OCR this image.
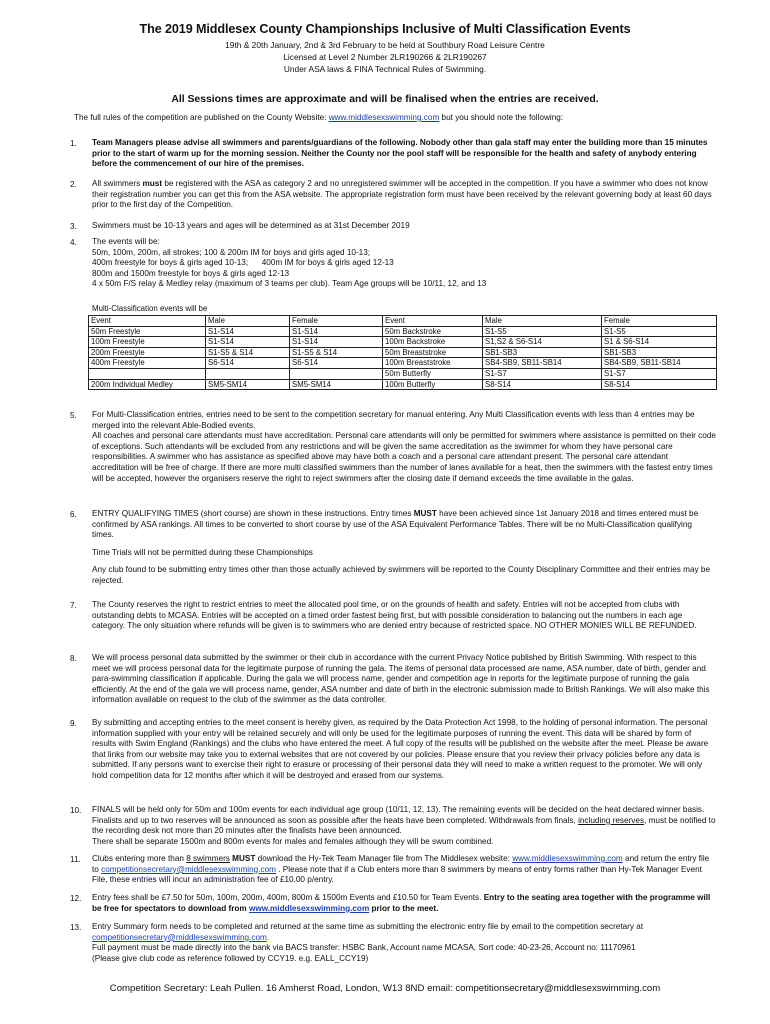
The 2019 Middlesex County Championships Inclusive of Multi Classification Events
19th & 20th January, 2nd & 3rd February to be held at Southbury Road Leisure Centre
Licensed at Level 2 Number 2LR190266 & 2LR190267
Under ASA laws & FINA Technical Rules of Swimming.
All Sessions times are approximate and will be finalised when the entries are received.
The full rules of the competition are published on the County Website: www.middlesexswimming.com but you should note the following:
1. Team Managers please advise all swimmers and parents/guardians of the following. Nobody other than gala staff may enter the building more than 15 minutes prior to the start of warm up for the morning session. Neither the County nor the pool staff will be responsible for the health and safety of anybody entering before the commencement of our hire of the premises.

2. All swimmers must be registered with the ASA as category 2 and no unregistered swimmer will be accepted in the competition. If you have a swimmer who does not know their registration number you can get this from the ASA website. The appropriate registration form must have been received by the relevant governing body at least 60 days prior to the first day of the Competition.

3. Swimmers must be 10-13 years and ages will be determined as at 31st December 2019

4. The events will be:

50m, 100m, 200m, all strokes; 100 & 200m IM for boys and girls aged 10-13;

400m freestyle for boys & girls aged 10-13;      400m IM for boys & girls aged 12-13

800m and 1500m freestyle for boys & girls aged 12-13

4 x 50m F/S relay & Medley relay (maximum of 3 teams per club). Team Age groups will be 10/11, 12, and 13

Multi-Classification events will be
Event	Male	Female	Event	Male	Female
50m Freestyle	S1-S14	S1-S14	50m Backstroke	S1-S5	S1-S5
100m Freestyle	S1-S14	S1-S14	100m Backstroke	S1,S2 & S6-S14	S1 & S6-S14
200m Freestyle	S1-S5 & S14	S1-S5 & S14	50m Breaststroke	SB1-SB3	SB1-SB3
400m Freestyle	S6-S14	S6-S14	100m Breaststroke	SB4-SB9, SB11-SB14	SB4-SB9, SB11-SB14
			50m Butterfly	S1-S7	S1-S7
200m Individual Medley	SM5-SM14	SM5-SM14	100m Butterfly	S8-S14	S8-S14
5. For Multi-Classification entries, entries need to be sent to the competition secretary for manual entering. Any Multi Classification events with less than 4 entries may be merged into the relevant Able-Bodied events.

All coaches and personal care attendants must have accreditation. Personal care attendants will only be permitted for swimmers where assistance is permitted on their code of exceptions. Such attendants will be excluded from any restrictions and will be given the same accreditation as the swimmer for whom they have personal care responsibilities. A swimmer who has assistance as specified above may have both a coach and a personal care attendant present. The personal care attendant accreditation will be free of charge. If there are more multi classified swimmers than the number of lanes available for a heat, then the swimmers with the fastest entry times will be accepted, however the organisers reserve the right to reject swimmers after the closing date if demand exceeds the time available in the galas.

6. ENTRY QUALIFYING TIMES (short course) are shown in these instructions. Entry times MUST have been achieved since 1st January 2018 and times entered must be confirmed by ASA rankings. All times to be converted to short course by use of the ASA Equivalent Performance Tables. There will be no Multi-Classification qualifying times.

Time Trials will not be permitted during these Championships

Any club found to be submitting entry times other than those actually achieved by swimmers will be reported to the County Disciplinary Committee and their entries may be rejected.

7. The County reserves the right to restrict entries to meet the allocated pool time, or on the grounds of health and safety. Entries will not be accepted from clubs with outstanding debts to MCASA. Entries will be accepted on a timed order fastest being first, but with possible consideration to balancing out the numbers in each age category. The only situation where refunds will be given is to swimmers who are denied entry because of restricted space. NO OTHER MONIES WILL BE REFUNDED.

8. We will process personal data submitted by the swimmer or their club in accordance with the current Privacy Notice published by British Swimming. With respect to this meet we will process personal data for the legitimate purpose of running the gala. The items of personal data processed are name, ASA number, date of birth, gender and para-swimming classification if applicable. During the gala we will process name, gender and competition age in reports for the legitimate purpose of running the gala efficiently. At the end of the gala we will process name, gender, ASA number and date of birth in the electronic submission made to British Rankings. We will also make this information available on request to the club of the swimmer as the data controller.

9. By submitting and accepting entries to the meet consent is hereby given, as required by the Data Protection Act 1998, to the holding of personal information. The personal information supplied with your entry will be retained securely and will only be used for the legitimate purposes of running the event. This data will be shared by form of results with Swim England (Rankings) and the clubs who have entered the meet. A full copy of the results will be published on the website after the meet. Please be aware that links from our website may take you to external websites that are not covered by our policies. Please ensure that you review their privacy policies before any data is submitted. If any persons want to exercise their right to erasure or processing of their personal data they will need to make a written request to the promoter. We will only hold competition data for 12 months after which it will be destroyed and erased from our systems.

10. FINALS will be held only for 50m and 100m events for each individual age group (10/11, 12, 13). The remaining events will be decided on the heat declared winner basis. Finalists and up to two reserves will be announced as soon as possible after the heats have been completed. Withdrawals from finals, including reserves, must be notified to the recording desk not more than 20 minutes after the finalists have been announced.

There shall be separate 1500m and 800m events for males and females although they will be swum combined.

11. Clubs entering more than 8 swimmers MUST download the Hy-Tek Team Manager file from The Middlesex website: www.middlesexswimming.com and return the entry file to competitionsecretary@middlesexswimming.com . Please note that if a Club enters more than 8 swimmers by means of entry forms rather than Hy-Tek Manager Event File, these entries will incur an administration fee of £10.00 p/entry.

12. Entry fees shall be £7.50 for 50m, 100m, 200m, 400m, 800m & 1500m Events and £10.50 for Team Events. Entry to the seating area together with the programme will be free for spectators to download from www.middlesexswimming.com prior to the meet.

13. Entry Summary form needs to be completed and returned at the same time as submitting the electronic entry file by email to the competition secretary at competitionsecretary@middlesexswimming.com.

Full payment must be made directly into the bank via BACS transfer: HSBC Bank, Account name MCASA, Sort code: 40-23-26, Account no: 11170961

(Please give club code as reference followed by CCY19. e.g. EALL_CCY19)

Competition Secretary: Leah Pullen. 16 Amherst Road, London, W13 8ND email: competitionsecretary@middlesexswimming.com
